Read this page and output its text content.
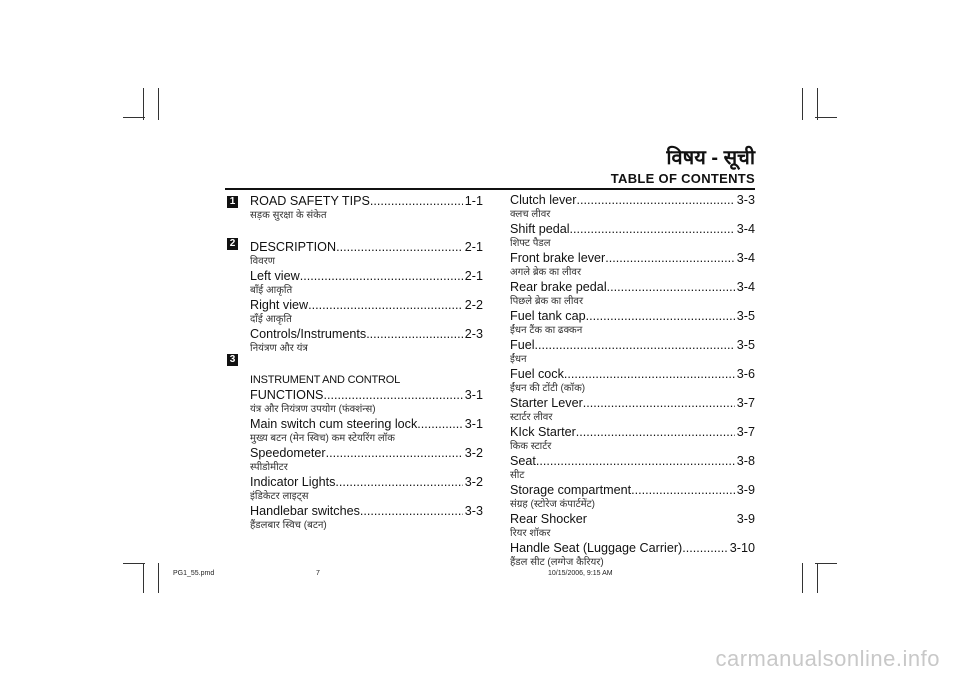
विषय - सूची
TABLE OF CONTENTS
1
2
3
ROAD SAFETY TIPS .....	1-1
सड़क सुरक्षा के संकेत
DESCRIPTION .....	2-1
विवरण
Left view .....	2-1
बाँई आकृति
Right view .....	2-2
दाँई आकृति
Controls/Instruments .....	2-3
नियंत्रण और यंत्र
INSTRUMENT AND CONTROL
FUNCTIONS .....	3-1
यंत्र और नियंत्रण उपयोग (फंक्शंन्स)
Main switch cum steering lock .....	3-1
मुख्य बटन (मेन स्विच) कम स्टेयरिंग लॉक
Speedometer .....	3-2
स्पीडोमीटर
Indicator Lights .....	3-2
इंडिकेटर लाइट्स
Handlebar switches .....	3-3
हैंडलबार स्विच (बटन)
Clutch lever .....	3-3
क्लच लीवर
Shift pedal .....	3-4
शिफ्ट पैडल
Front brake lever .....	3-4
अगले ब्रेक का लीवर
Rear brake pedal .....	3-4
पिछले ब्रेक का लीवर
Fuel tank cap .....	3-5
ईंधन टैंक का ढक्कन
Fuel .....	3-5
ईंधन
Fuel cock .....	3-6
ईंधन की टोंटी (कॉक)
Starter Lever .....	3-7
स्टार्टर लीवर
KIck Starter .....	3-7
किक स्टार्टर
Seat .....	3-8
सीट
Storage compartment .....	3-9
संग्रह (स्टोरेज कंपार्टमेंट)
Rear Shocker	3-9
रियर शॉकर
Handle Seat (Luggage Carrier) .....	3-10
हैंडल सीट (लग्गेज कैरियर)
PG1_55.pmd	7	10/15/2006, 9:15 AM
carmanualsonline.info
